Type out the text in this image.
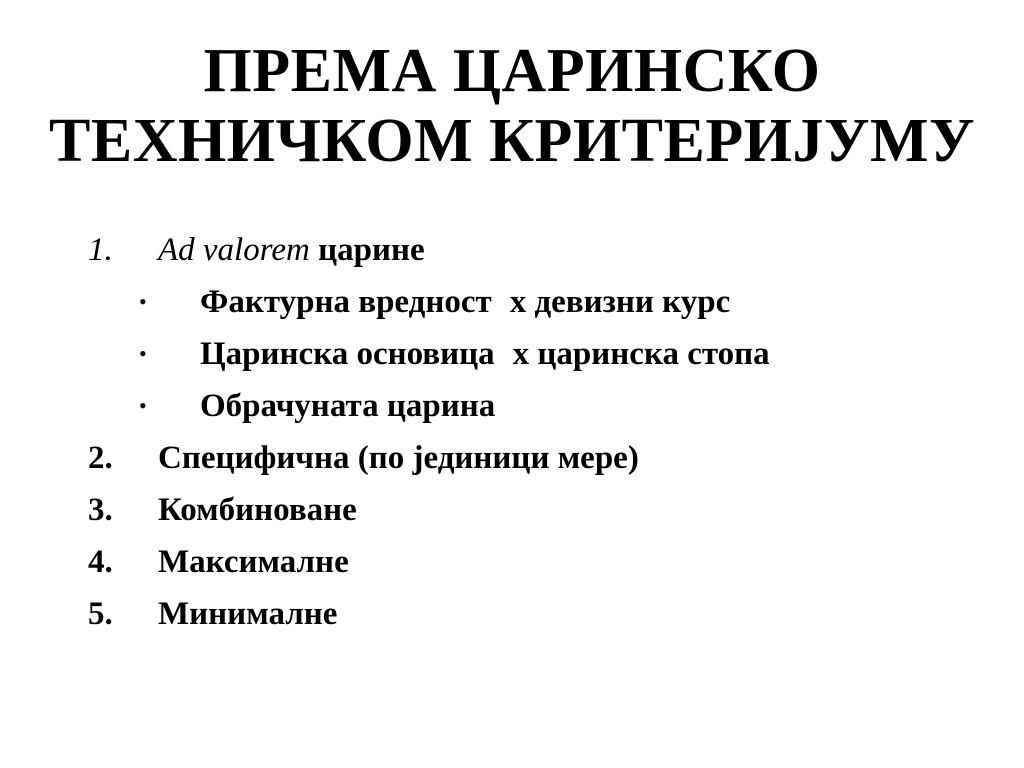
ПРЕМА ЦАРИНСКО
ТЕХНИЧКОМ КРИТЕРИЈУМУ
1. Ad valorem царине
• Фактурна вредност x девизни курс
• Царинска основица x царинска стопа
• Обрачуната царина
2. Специфична (по јединици мере)
3. Комбиноване
4. Максималне
5. Минималне
